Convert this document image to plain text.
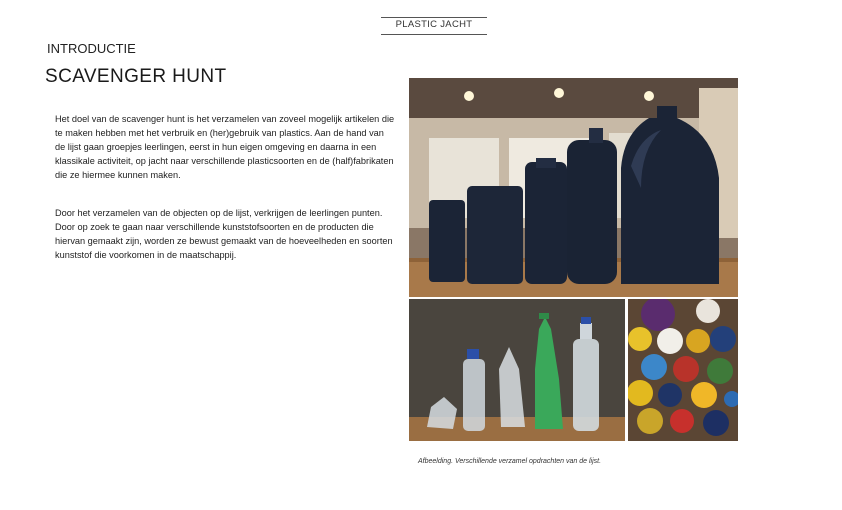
PLASTIC JACHT
INTRODUCTIE
SCAVENGER HUNT

Het doel van de scavenger hunt is het verzamelen van zoveel mogelijk artikelen die te maken hebben met het verbruik en (her)gebruik van plastics. Aan de hand van de lijst gaan groepjes leerlingen, eerst in hun eigen omgeving en daarna in een klassikale activiteit, op jacht naar verschillende plasticsoorten en de (half)fabrikaten die ze hiermee kunnen maken.

Door het verzamelen van de objecten op de lijst, verkrijgen de leerlingen punten. Door op zoek te gaan naar verschillende kunststofsoorten en de producten die hiervan gemaakt zijn, worden ze bewust gemaakt van de hoeveelheden en soorten kunststof die voorkomen in de maatschappij.

Afbeelding. Verschillende verzamel opdrachten van de lijst.
